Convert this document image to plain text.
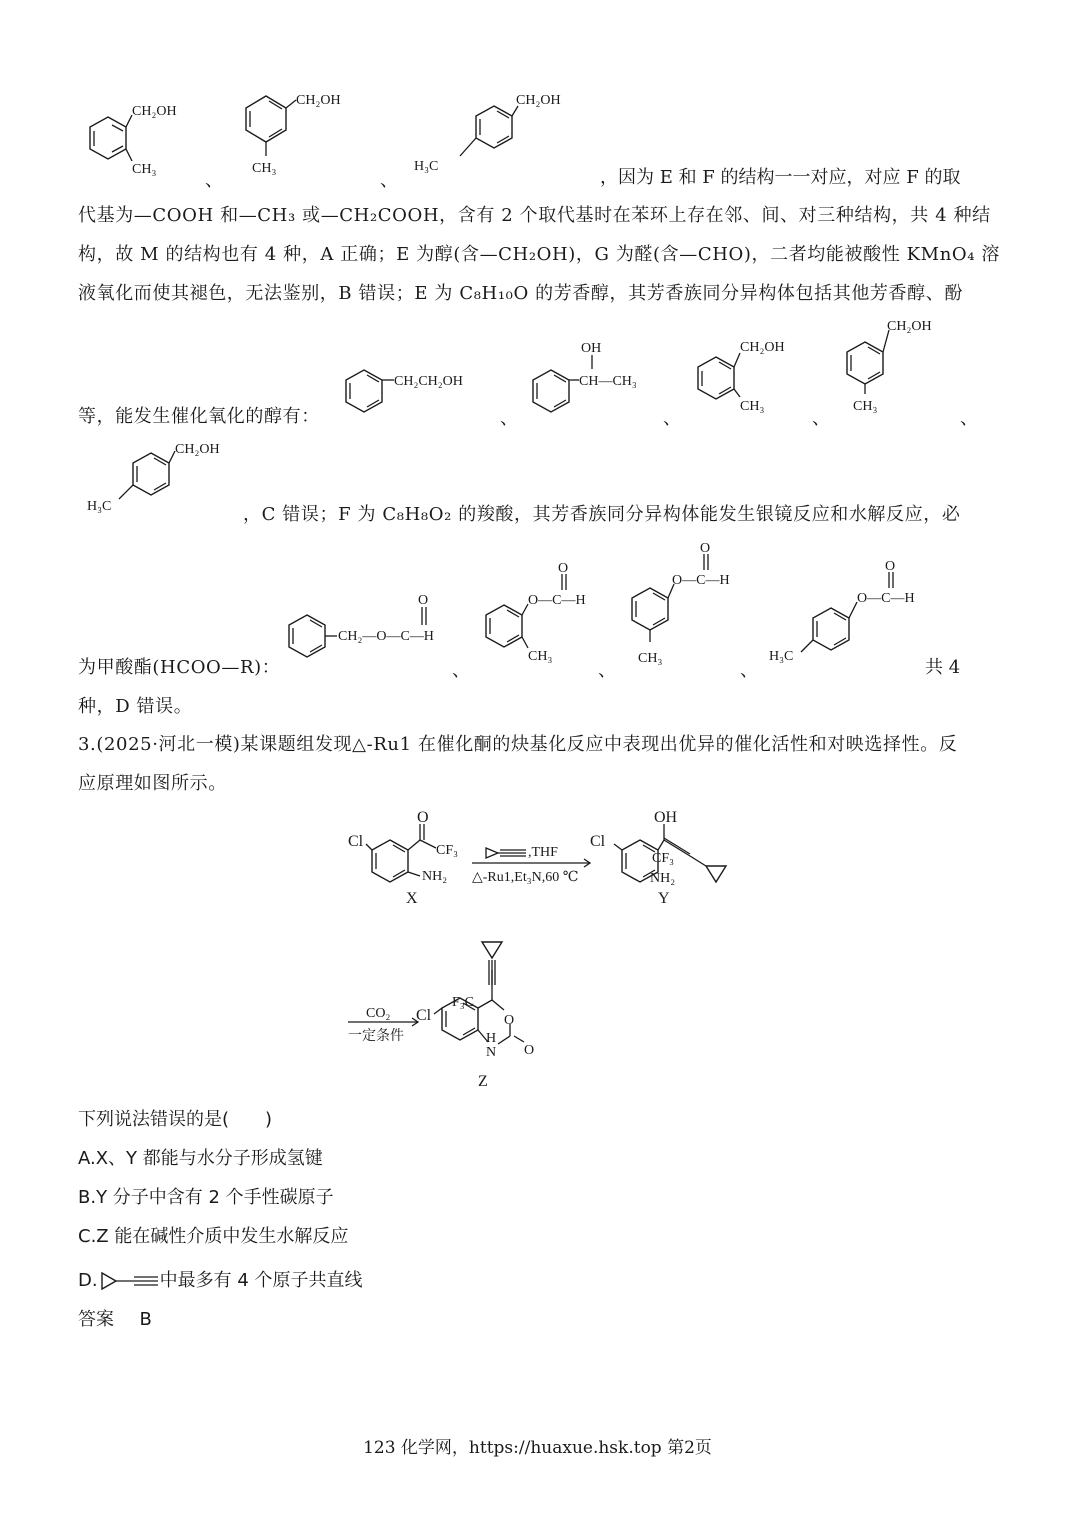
CH₂OH
CH₃
、
CH₂OH
CH₃
、
CH₂OH
H₃C
，因为 E 和 F 的结构一一对应，对应 F 的取
代基为—COOH 和—CH₃ 或—CH₂COOH，含有 2 个取代基时在苯环上存在邻、间、对三种结构，共 4 种结
构，故 M 的结构也有 4 种，A 正确；E 为醇(含—CH₂OH)，G 为醛(含—CHO)，二者均能被酸性 KMnO₄ 溶
液氧化而使其褪色，无法鉴别，B 错误；E 为 C₈H₁₀O 的芳香醇，其芳香族同分异构体包括其他芳香醇、酚
等，能发生催化氧化的醇有：
CH₂CH₂OH
、
OH
CH—CH₃
、
CH₂OH
CH₃
、
CH₂OH
CH₃
、
CH₂OH
H₃C	，C 错误；F 为 C₈H₈O₂ 的羧酸，其芳香族同分异构体能发生银镜反应和水解反应，必
为甲酸酯(HCOO—R)：
O
CH₂—O—C—H
、
O
O—C—H
CH₃
、
O
O—C—H
CH₃
、
O
O—C—H
H₃C
共 4
种，D 错误。
3.(2025·河北一模)某课题组发现△-Ru1 在催化酮的炔基化反应中表现出优异的催化活性和对映选择性。反
应原理如图所示。
Cl
O
CF₃
NH₂
X
,THF
△-Ru1,Et₃N,60 ℃
Cl
OH
CF₃
NH₂
Y
CO₂
一定条件
Cl
F₃C
O
H
N O
Z
下列说法错误的是(　　)
A.X、Y 都能与水分子形成氢键
B.Y 分子中含有 2 个手性碳原子
C.Z 能在碱性介质中发生水解反应
D.	中最多有 4 个原子共直线
答案 B
123 化学网，https://huaxue.hsk.top 第2页
